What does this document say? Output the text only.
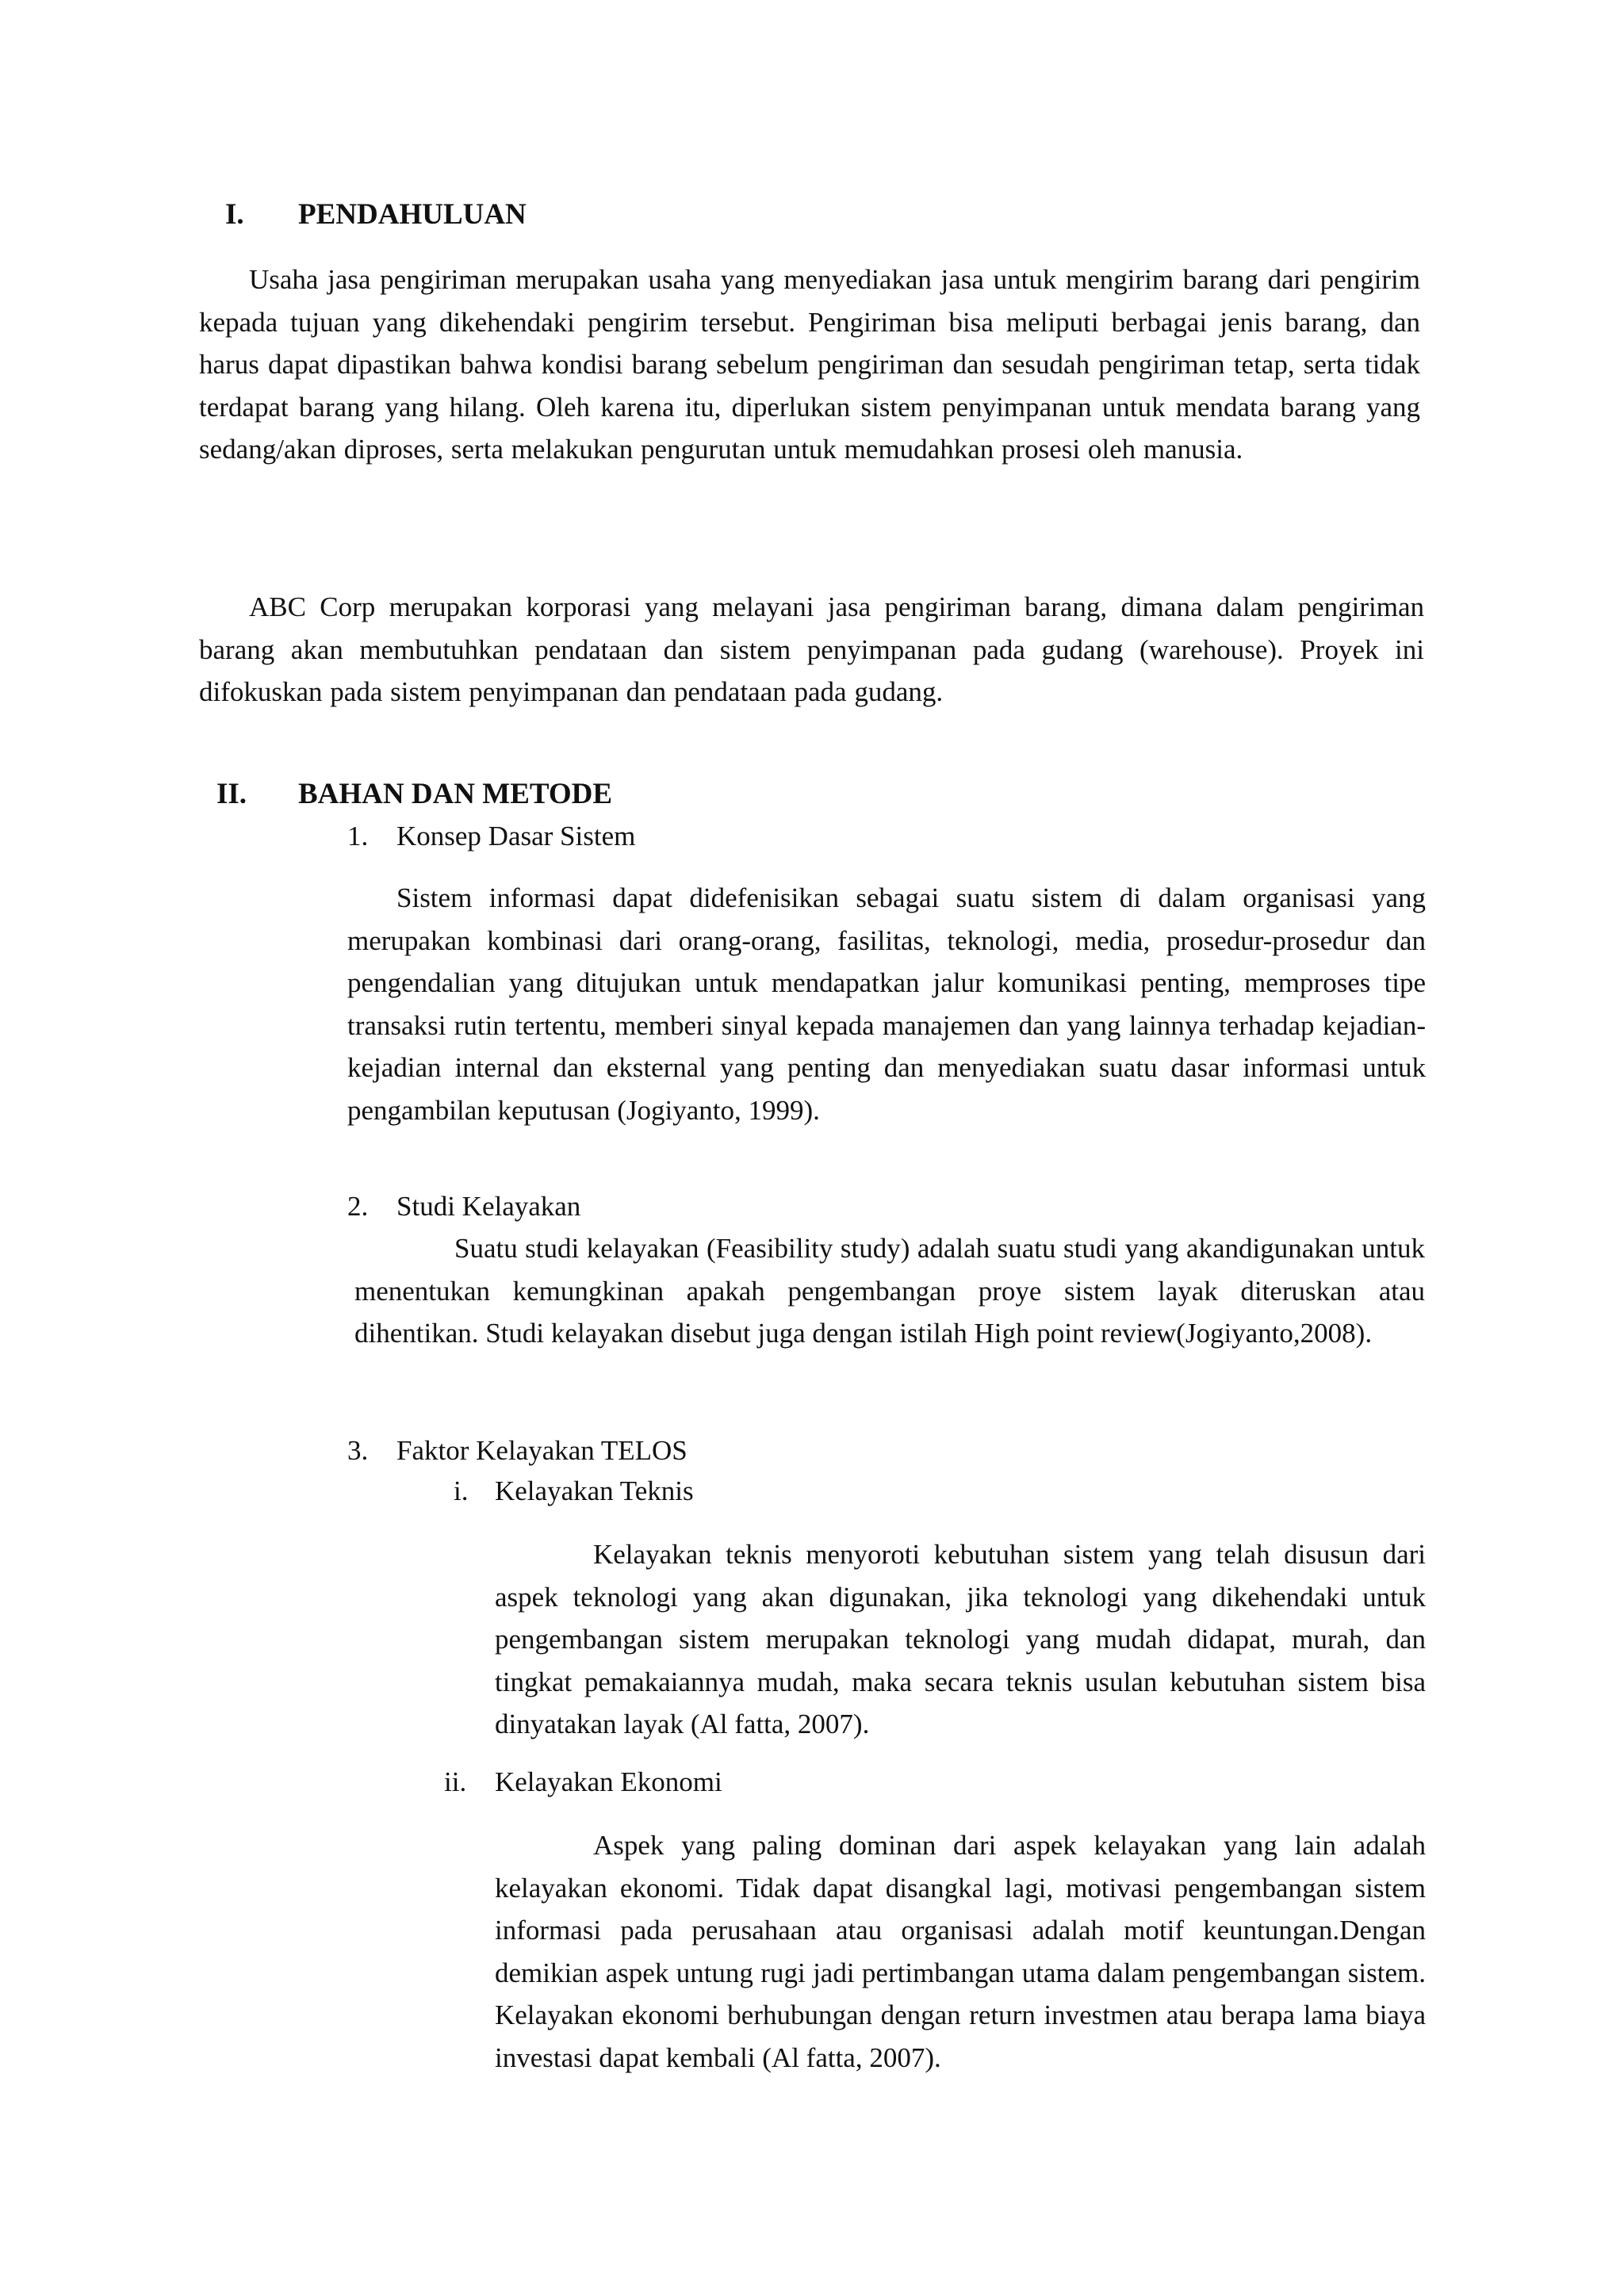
I. PENDAHULUAN

Usaha jasa pengiriman merupakan usaha yang menyediakan jasa untuk mengirim barang dari pengirim kepada tujuan yang dikehendaki pengirim tersebut. Pengiriman bisa meliputi berbagai jenis barang, dan harus dapat dipastikan bahwa kondisi barang sebelum pengiriman dan sesudah pengiriman tetap, serta tidak terdapat barang yang hilang. Oleh karena itu, diperlukan sistem penyimpanan untuk mendata barang yang sedang/akan diproses, serta melakukan pengurutan untuk memudahkan prosesi oleh manusia.

ABC Corp merupakan korporasi yang melayani jasa pengiriman barang, dimana dalam pengiriman barang akan membutuhkan pendataan dan sistem penyimpanan pada gudang (warehouse). Proyek ini difokuskan pada sistem penyimpanan dan pendataan pada gudang.

II. BAHAN DAN METODE
1. Konsep Dasar Sistem

Sistem informasi dapat didefenisikan sebagai suatu sistem di dalam organisasi yang merupakan kombinasi dari orang-orang, fasilitas, teknologi, media, prosedur-prosedur dan pengendalian yang ditujukan untuk mendapatkan jalur komunikasi penting, memproses tipe transaksi rutin tertentu, memberi sinyal kepada manajemen dan yang lainnya terhadap kejadian-kejadian internal dan eksternal yang penting dan menyediakan suatu dasar informasi untuk pengambilan keputusan (Jogiyanto, 1999).

2. Studi Kelayakan

Suatu studi kelayakan (Feasibility study) adalah suatu studi yang akandigunakan untuk menentukan kemungkinan apakah pengembangan proye sistem layak diteruskan atau dihentikan. Studi kelayakan disebut juga dengan istilah High point review(Jogiyanto,2008).

3. Faktor Kelayakan TELOS
i. Kelayakan Teknis

Kelayakan teknis menyoroti kebutuhan sistem yang telah disusun dari aspek teknologi yang akan digunakan, jika teknologi yang dikehendaki untuk pengembangan sistem merupakan teknologi yang mudah didapat, murah, dan tingkat pemakaiannya mudah, maka secara teknis usulan kebutuhan sistem bisa dinyatakan layak (Al fatta, 2007).

ii. Kelayakan Ekonomi

Aspek yang paling dominan dari aspek kelayakan yang lain adalah kelayakan ekonomi. Tidak dapat disangkal lagi, motivasi pengembangan sistem informasi pada perusahaan atau organisasi adalah motif keuntungan.Dengan demikian aspek untung rugi jadi pertimbangan utama dalam pengembangan sistem. Kelayakan ekonomi berhubungan dengan return investmen atau berapa lama biaya investasi dapat kembali (Al fatta, 2007).
